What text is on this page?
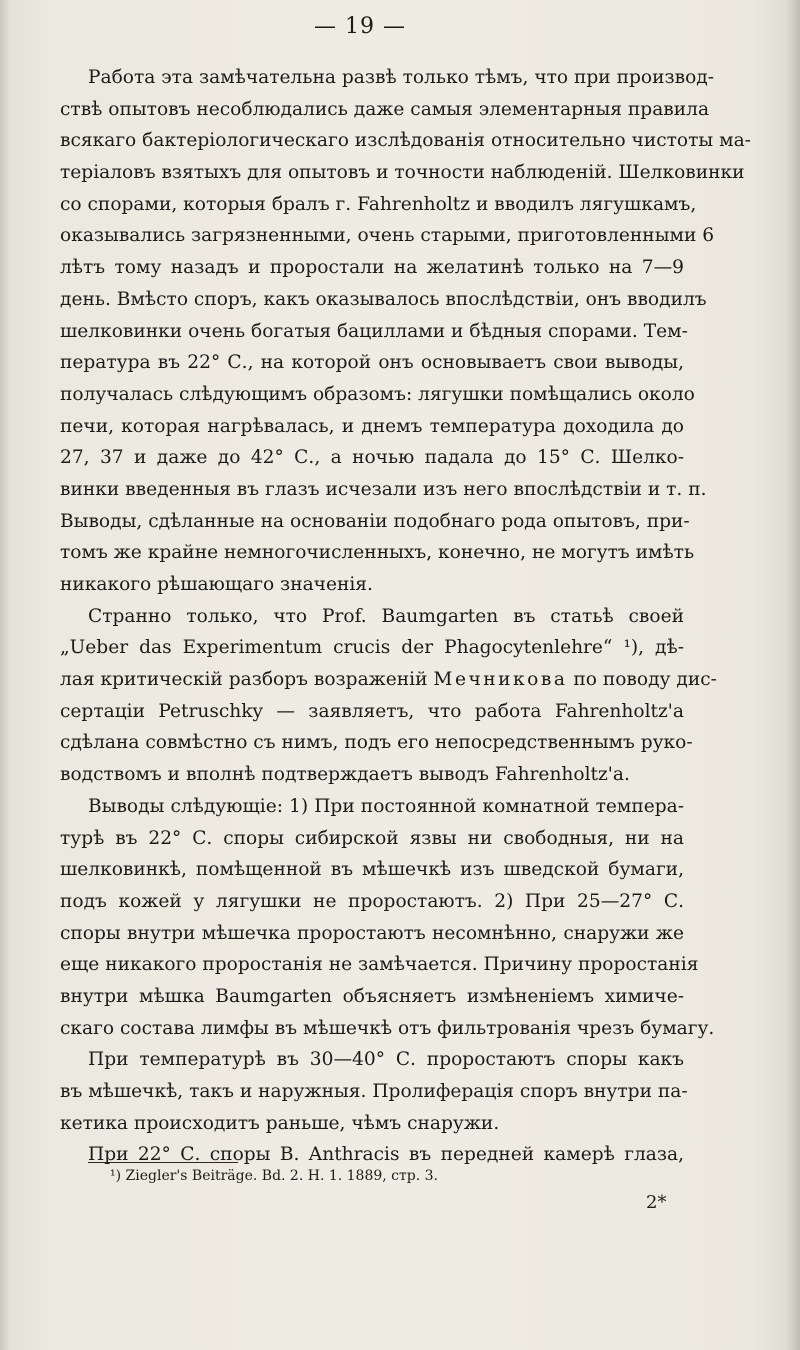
— 19 —
Работа эта замѣчательна развѣ только тѣмъ, что при производ-
ствѣ опытовъ несоблюдались даже самыя элементарныя правила
всякаго бактеріологическаго изслѣдованія относительно чистоты ма-
теріаловъ взятыхъ для опытовъ и точности наблюденій. Шелковинки
со спорами, которыя бралъ г. Fahrenholtz и вводилъ лягушкамъ,
оказывались загрязненными, очень старыми, приготовленными 6
лѣтъ тому назадъ и проростали на желатинѣ только на 7—9
день. Вмѣсто споръ, какъ оказывалось впослѣдствіи, онъ вводилъ
шелковинки очень богатыя бациллами и бѣдныя спорами. Тем-
пература въ 22° С., на которой онъ основываетъ свои выводы,
получалась слѣдующимъ образомъ: лягушки помѣщались около
печи, которая нагрѣвалась, и днемъ температура доходила до
27, 37 и даже до 42° С., а ночью падала до 15° С. Шелко-
винки введенныя въ глазъ исчезали изъ него впослѣдствіи и т. п.
Выводы, сдѣланные на основаніи подобнаго рода опытовъ, при-
томъ же крайне немногочисленныхъ, конечно, не могутъ имѣть
никакого рѣшающаго значенія.
Странно только, что Prof. Baumgarten въ статьѣ своей
„Ueber das Experimentum crucis der Phagocytenlehre“ ¹), дѣ-
лая критическій разборъ возраженій Мечникова по поводу дис-
сертаціи Petruschky — заявляетъ, что работа Fahrenholtz'а
сдѣлана совмѣстно съ нимъ, подъ его непосредственнымъ руко-
водствомъ и вполнѣ подтверждаетъ выводъ Fahrenholtz'а.
Выводы слѣдующіе: 1) При постоянной комнатной темпера-
турѣ въ 22° С. споры сибирской язвы ни свободныя, ни на
шелковинкѣ, помѣщенной въ мѣшечкѣ изъ шведской бумаги,
подъ кожей у лягушки не проростаютъ. 2) При 25—27° С.
споры внутри мѣшечка проростаютъ несомнѣнно, снаружи же
еще никакого проростанія не замѣчается. Причину проростанія
внутри мѣшка Baumgarten объясняетъ измѣненіемъ химиче-
скаго состава лимфы въ мѣшечкѣ отъ фильтрованія чрезъ бумагу.
При температурѣ въ 30—40° С. проростаютъ споры какъ
въ мѣшечкѣ, такъ и наружныя. Пролиферація споръ внутри па-
кетика происходитъ раньше, чѣмъ снаружи.
При 22° С. споры B. Anthracis въ передней камерѣ глаза,
¹) Ziegler's Beiträge. Bd. 2. H. 1. 1889, стр. 3.
2*
